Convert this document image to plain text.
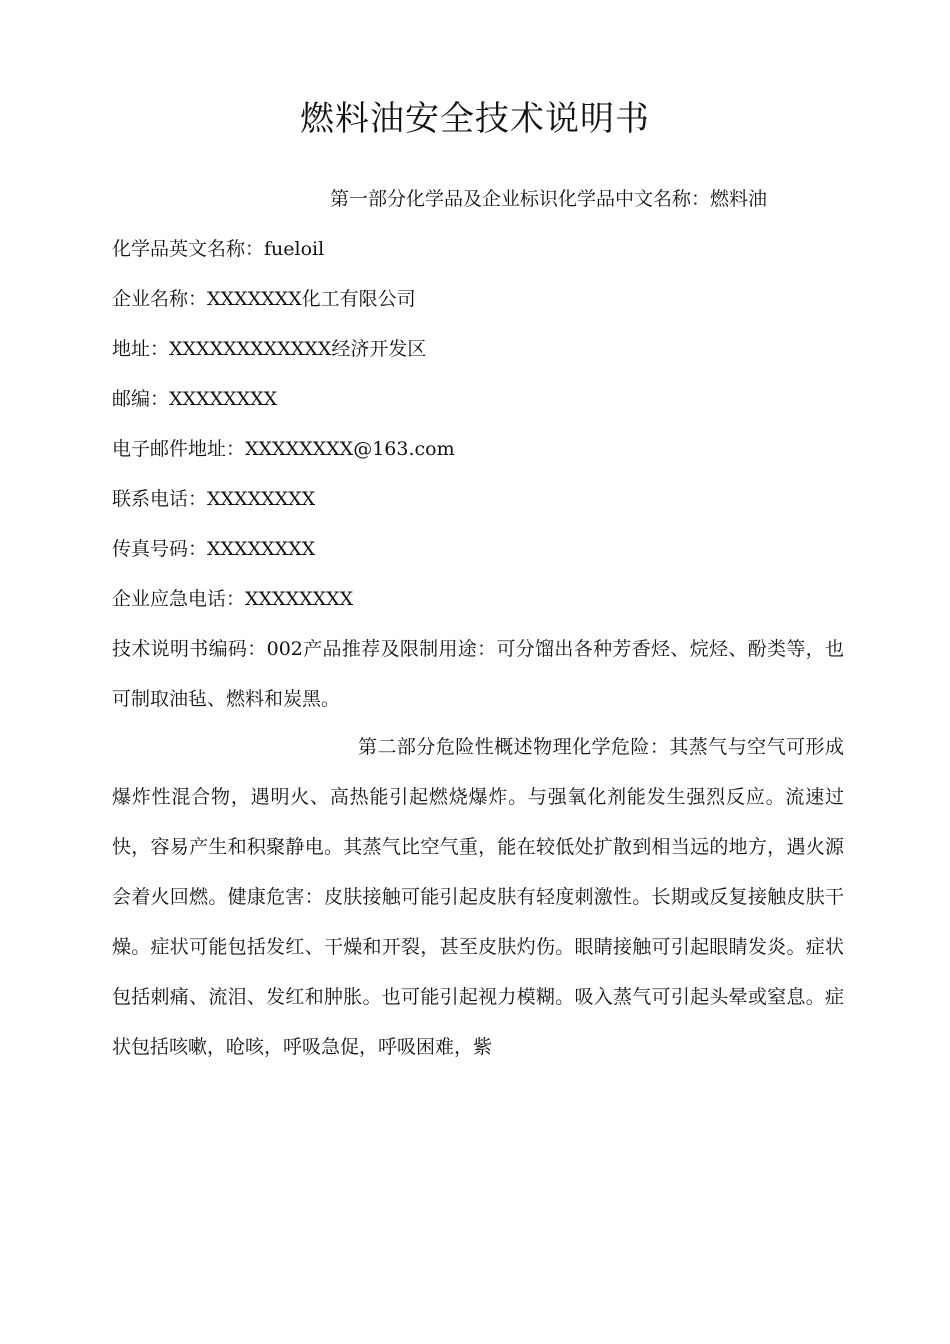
燃料油安全技术说明书
第一部分化学品及企业标识化学品中文名称：燃料油
化学品英文名称：fueloil
企业名称：XXXXXXX化工有限公司
地址：XXXXXXXXXXXX经济开发区
邮编：XXXXXXXX
电子邮件地址：XXXXXXXX@163.com
联系电话：XXXXXXXX
传真号码：XXXXXXXX
企业应急电话：XXXXXXXX

技术说明书编码：002产品推荐及限制用途：可分馏出各种芳香烃、烷烃、酚类等，也可制取油毡、燃料和炭黑。

第二部分危险性概述物理化学危险：其蒸气与空气可形成爆炸性混合物，遇明火、高热能引起燃烧爆炸。与强氧化剂能发生强烈反应。流速过快，容易产生和积聚静电。其蒸气比空气重，能在较低处扩散到相当远的地方，遇火源会着火回燃。健康危害：皮肤接触可能引起皮肤有轻度刺激性。长期或反复接触皮肤干燥。症状可能包括发红、干燥和开裂，甚至皮肤灼伤。眼睛接触可引起眼睛发炎。症状包括刺痛、流泪、发红和肿胀。也可能引起视力模糊。吸入蒸气可引起头晕或窒息。症状包括咳嗽，呛咳，呼吸急促，呼吸困难，紫
